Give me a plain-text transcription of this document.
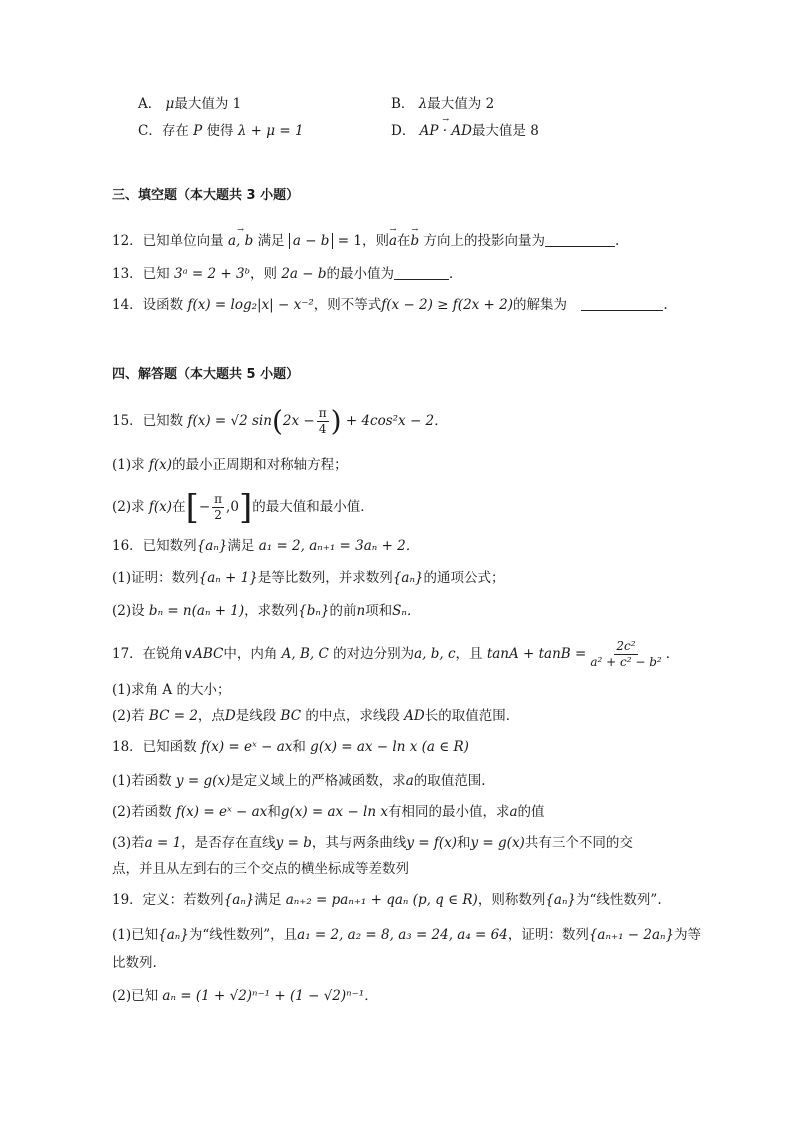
A． μ最大值为 1	B． λ最大值为 2
C．存在 P 使得 λ + μ = 1	D． → AP · AD最大值是 8
三、填空题（本大题共 3 小题）
12．已知单位向量 → a, b 满足 a − b = 1，则→ a在→ b 方向上的投影向量为	.
13．已知 3ᵃ = 2 + 3ᵇ，则 2a − b的最小值为	．
14．设函数 f(x) = log₂|x| − x⁻²，则不等式f(x − 2) ≥ f(2x + 2)的解集为	.
四、解答题（本大题共 5 小题）
15．已知数 f(x) = √2 $\sin(2x - \frac{\pi}{4}$ ) + 4cos²x − 2．
(1)求 f(x)的最小正周期和对称轴方程；
(2)求 f(x)在[− $\frac{\pi}{2} ,0$]的最大值和最小值．
16．已知数列{aₙ}满足 a₁ = 2, aₙ₊₁ = 3aₙ + 2．
(1)证明：数列{aₙ + 1}是等比数列，并求数列{aₙ}的通项公式；
(2)设 bₙ = n(aₙ + 1)，求数列{bₙ}的前n项和Sₙ．
17．在锐角∨ABC中，内角 A, B, C 的对边分别为a, b, c，且 $\tan A + \tan B = \frac{\text{2c²}}{\text{a² + c² − b²}}$ ．
(1)求角 A 的大小；
(2)若 BC = 2，点D是线段 BC 的中点，求线段 AD长的取值范围．
18．已知函数 f(x) = eˣ − ax和 g(x) = ax − ln x (a ∈ R)
(1)若函数 y = g(x)是定义域上的严格减函数，求a的取值范围.
(2)若函数 f(x) = eˣ − ax和g(x) = ax − ln x有相同的最小值，求a的值
(3)若a = 1，是否存在直线y = b，其与两条曲线y = f(x)和y = g(x)共有三个不同的交
点，并且从左到右的三个交点的横坐标成等差数列
19．定义：若数列{aₙ}满足 aₙ₊₂ = paₙ₊₁ + qaₙ (p, q ∈ R)，则称数列{aₙ}为“线性数列”.
(1)已知{aₙ}为“线性数列”，且a₁ = 2, a₂ = 8, a₃ = 24, a₄ = 64，证明：数列{aₙ₊₁ − 2aₙ}为等
比数列.
(2)已知 aₙ = (1 + √2)ⁿ⁻¹ + (1 − √2)ⁿ⁻¹．
